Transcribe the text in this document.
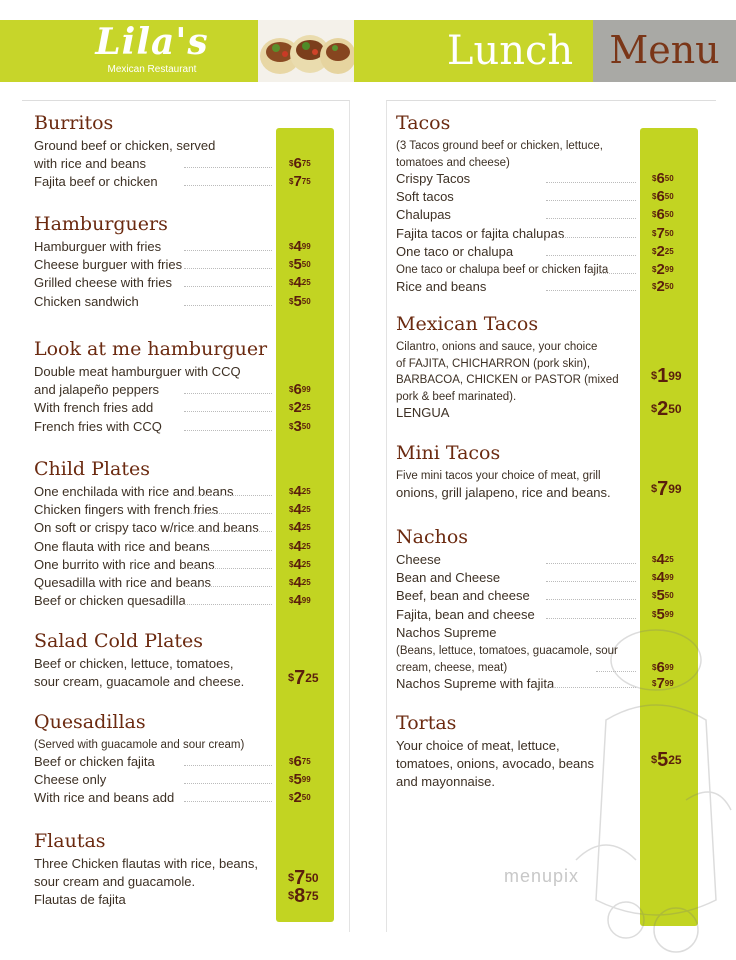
Lila's
Mexican Restaurant	Lunch Menu
menupix
Burritos
Ground beef or chicken, served
with rice and beans	$^{\$}6^{75}$
Fajita beef or chicken	$^{\$}7^{75}$
Hamburguers
Hamburguer with fries	$^{\$}4^{99}$
Cheese burguer with fries	$^{\$}5^{50}$
Grilled cheese with fries	$^{\$}4^{25}$
Chicken sandwich	$^{\$}5^{50}$
Look at me hamburguer
Double meat hamburguer with CCQ
and jalapeño peppers	$^{\$}6^{99}$
With french fries add	$^{\$}2^{25}$
French fries with CCQ	$^{\$}3^{50}$
Child Plates
One enchilada with rice and beans	$^{\$}4^{25}$
Chicken fingers with french fries	$^{\$}4^{25}$
On soft or crispy taco w/rice and beans	$^{\$}4^{25}$
One flauta with rice and beans	$^{\$}4^{25}$
One burrito with rice and beans	$^{\$}4^{25}$
Quesadilla with rice and beans	$^{\$}4^{25}$
Beef or chicken quesadilla	$^{\$}4^{99}$
Salad Cold Plates
Beef or chicken, lettuce, tomatoes,
sour cream, guacamole and cheese.	$^{\$}7^{25}$
Quesadillas
(Served with guacamole and sour cream)
Beef or chicken fajita	$^{\$}6^{75}$
Cheese only	$^{\$}5^{99}$
With rice and beans add	$^{\$}2^{50}$
Flautas
Three Chicken flautas with rice, beans,
sour cream and guacamole.	$^{\$}7^{50}$
Flautas de fajita	$^{\$}8^{75}$
Tacos
(3 Tacos ground beef or chicken, lettuce,
tomatoes and cheese)
Crispy Tacos	$^{\$}6^{50}$
Soft tacos	$^{\$}6^{50}$
Chalupas	$^{\$}6^{50}$
Fajita tacos or fajita chalupas	$^{\$}7^{50}$
One taco or chalupa	$^{\$}2^{25}$
One taco or chalupa beef or chicken fajita	$^{\$}2^{99}$
Rice and beans	$^{\$}2^{50}$
Mexican Tacos
Cilantro, onions and sauce, your choice
of FAJITA, CHICHARRON (pork skin),
BARBACOA, CHICKEN or PASTOR (mixed	$^{\$}1^{99}$
pork & beef marinated).
LENGUA	$^{\$}2^{50}$
Mini Tacos
Five mini tacos your choice of meat, grill
onions, grill jalapeno, rice and beans.	$^{\$}7^{99}$
Nachos
Cheese	$^{\$}4^{25}$
Bean and Cheese	$^{\$}4^{99}$
Beef, bean and cheese	$^{\$}5^{50}$
Fajita, bean and cheese	$^{\$}5^{99}$
Nachos Supreme
(Beans, lettuce, tomatoes, guacamole, sour
cream, cheese, meat)	$^{\$}6^{99}$
Nachos Supreme with fajita	$^{\$}7^{99}$
Tortas
Your choice of meat, lettuce,
tomatoes, onions, avocado, beans	$^{\$}5^{25}$
and mayonnaise.
